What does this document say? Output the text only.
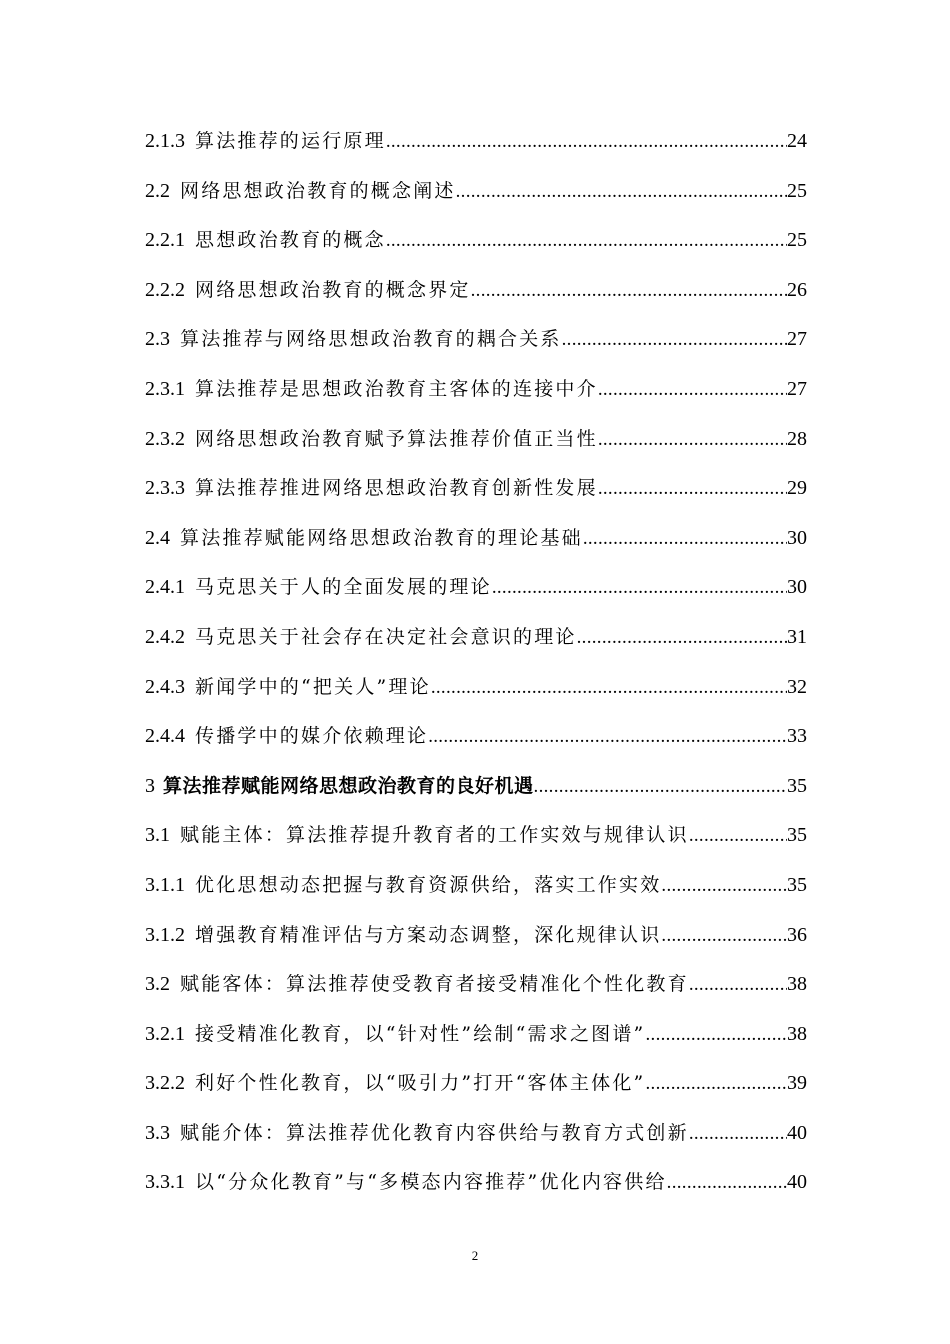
2.1.3 算法推荐的运行原理 .....	24
2.2 网络思想政治教育的概念阐述 .....	25
2.2.1 思想政治教育的概念 .....	25
2.2.2 网络思想政治教育的概念界定 .....	26
2.3 算法推荐与网络思想政治教育的耦合关系 .....	27
2.3.1 算法推荐是思想政治教育主客体的连接中介 .....	27
2.3.2 网络思想政治教育赋予算法推荐价值正当性 .....	28
2.3.3 算法推荐推进网络思想政治教育创新性发展 .....	29
2.4 算法推荐赋能网络思想政治教育的理论基础 .....	30
2.4.1 马克思关于人的全面发展的理论 .....	30
2.4.2 马克思关于社会存在决定社会意识的理论 .....	31
2.4.3 新闻学中的“把关人”理论 .....	32
2.4.4 传播学中的媒介依赖理论 .....	33
3 算法推荐赋能网络思想政治教育的良好机遇 .....	35
3.1 赋能主体：算法推荐提升教育者的工作实效与规律认识 .....	35
3.1.1 优化思想动态把握与教育资源供给，落实工作实效 .....	35
3.1.2 增强教育精准评估与方案动态调整，深化规律认识 .....	36
3.2 赋能客体：算法推荐使受教育者接受精准化个性化教育 .....	38
3.2.1 接受精准化教育，以“针对性”绘制“需求之图谱” .....	38
3.2.2 利好个性化教育，以“吸引力”打开“客体主体化” .....	39
3.3 赋能介体：算法推荐优化教育内容供给与教育方式创新 .....	40
3.3.1 以“分众化教育”与“多模态内容推荐”优化内容供给 .....	40
2
